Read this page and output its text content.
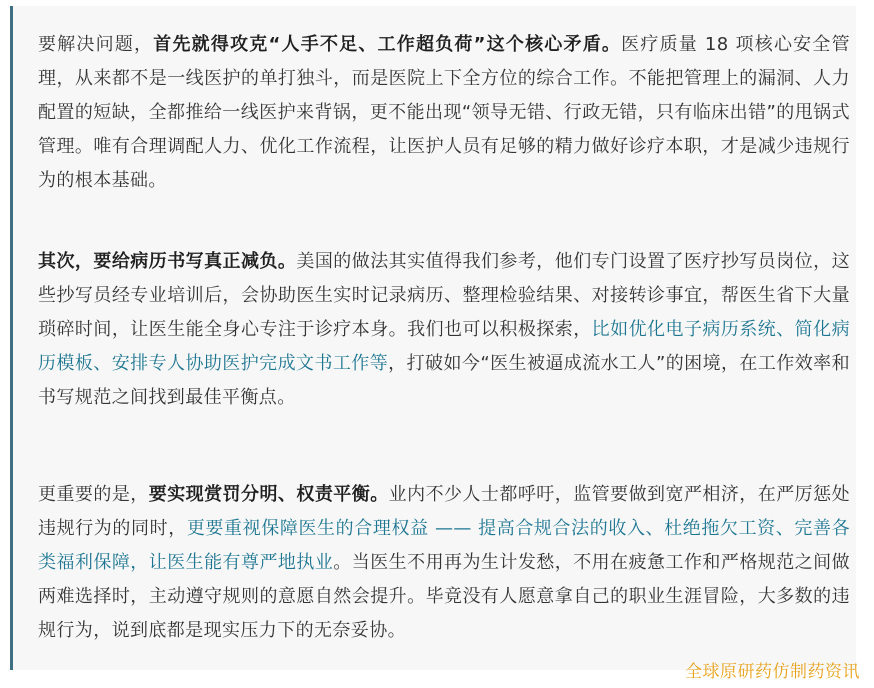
要解决问题，首先就得攻克“人手不足、工作超负荷”这个核心矛盾。医疗质量 18 项核心安全管理，从来都不是一线医护的单打独斗，而是医院上下全方位的综合工作。不能把管理上的漏洞、人力配置的短缺，全都推给一线医护来背锅，更不能出现“领导无错、行政无错，只有临床出错”的甩锅式管理。唯有合理调配人力、优化工作流程，让医护人员有足够的精力做好诊疗本职，才是减少违规行为的根本基础。

其次，要给病历书写真正减负。美国的做法其实值得我们参考，他们专门设置了医疗抄写员岗位，这些抄写员经专业培训后，会协助医生实时记录病历、整理检验结果、对接转诊事宜，帮医生省下大量琐碎时间，让医生能全身心专注于诊疗本身。我们也可以积极探索，比如优化电子病历系统、简化病历模板、安排专人协助医护完成文书工作等，打破如今“医生被逼成流水工人”的困境，在工作效率和书写规范之间找到最佳平衡点。

更重要的是，要实现赏罚分明、权责平衡。业内不少人士都呼吁，监管要做到宽严相济，在严厉惩处违规行为的同时，更要重视保障医生的合理权益 —— 提高合规合法的收入、杜绝拖欠工资、完善各类福利保障，让医生能有尊严地执业。当医生不用再为生计发愁，不用在疲惫工作和严格规范之间做两难选择时，主动遵守规则的意愿自然会提升。毕竟没有人愿意拿自己的职业生涯冒险，大多数的违规行为，说到底都是现实压力下的无奈妥协。

全球原研药仿制药资讯
